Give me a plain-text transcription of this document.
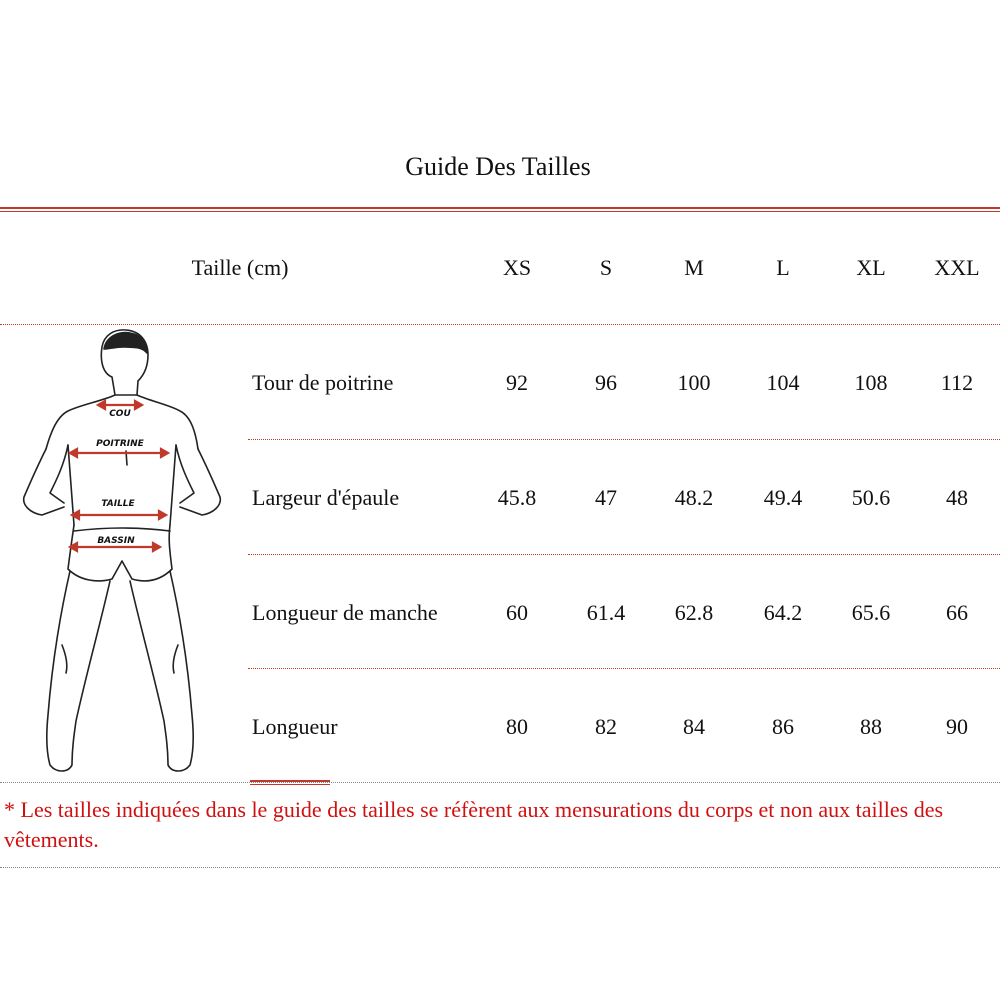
Guide Des Tailles
Taille (cm)	XS	S	M	L	XL	XXL
Tour de poitrine	92	96	100	104	108	112
Largeur d'épaule	45.8	47	48.2	49.4	50.6	48
Longueur de manche	60	61.4	62.8	64.2	65.6	66
Longueur	80	82	84	86	88	90
COU
POITRINE
TAILLE
BASSIN
* Les tailles indiquées dans le guide des tailles se réfèrent aux mensurations du corps et non aux tailles des vêtements.
